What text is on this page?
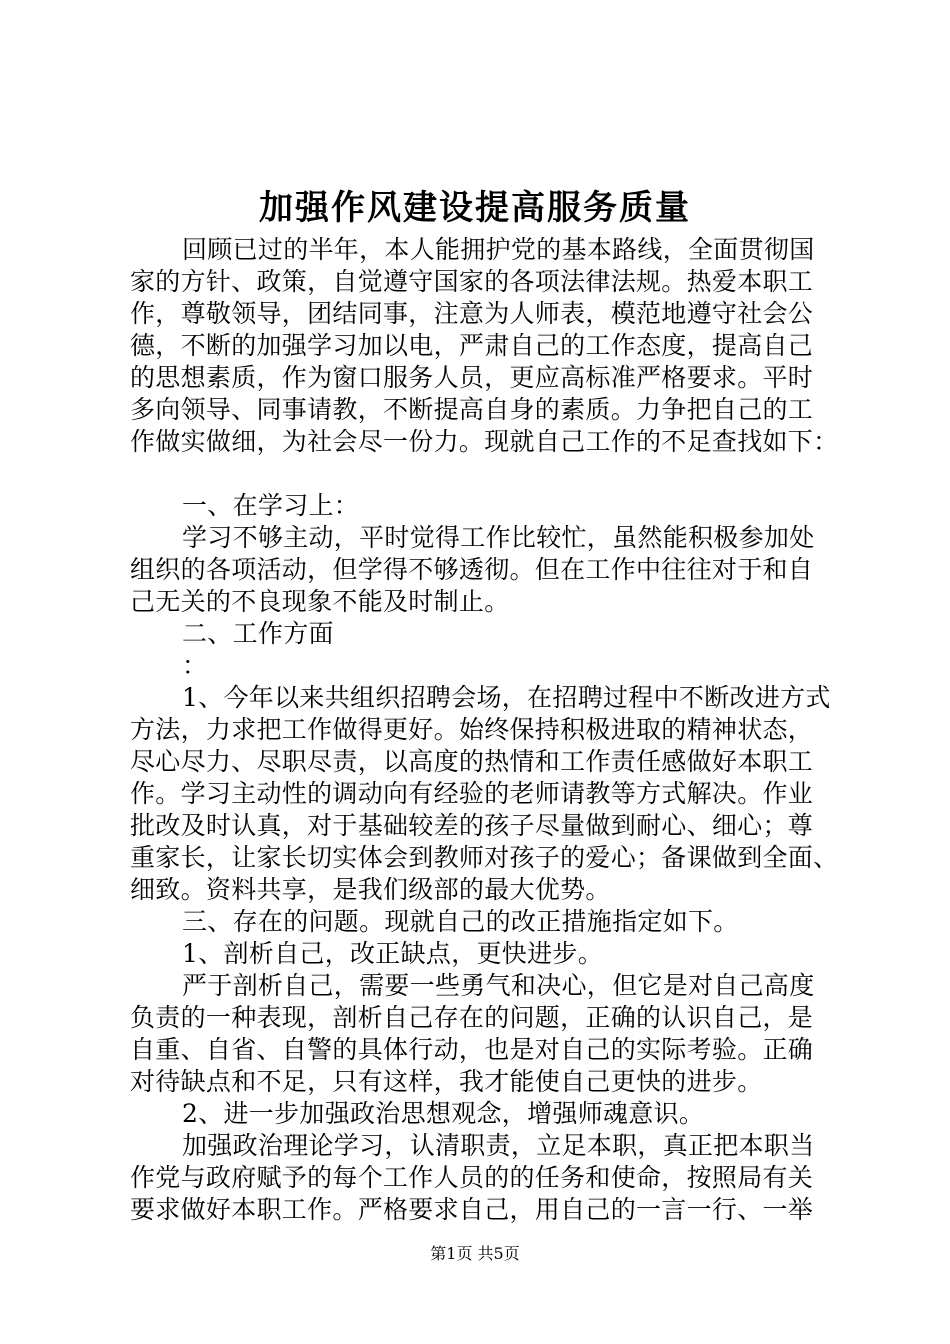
加强作风建设提高服务质量
回顾已过的半年，本人能拥护党的基本路线，全面贯彻国
家的方针、政策，自觉遵守国家的各项法律法规。热爱本职工
作，尊敬领导，团结同事，注意为人师表，模范地遵守社会公
德，不断的加强学习加以电，严肃自己的工作态度，提高自己
的思想素质，作为窗口服务人员，更应高标准严格要求。平时
多向领导、同事请教，不断提高自身的素质。力争把自己的工
作做实做细，为社会尽一份力。现就自己工作的不足查找如下：
一、在学习上：
学习不够主动，平时觉得工作比较忙，虽然能积极参加处
组织的各项活动，但学得不够透彻。但在工作中往往对于和自
己无关的不良现象不能及时制止。
二、工作方面
：
1、今年以来共组织招聘会场，在招聘过程中不断改进方式
方法，力求把工作做得更好。始终保持积极进取的精神状态，
尽心尽力、尽职尽责，以高度的热情和工作责任感做好本职工
作。学习主动性的调动向有经验的老师请教等方式解决。作业
批改及时认真，对于基础较差的孩子尽量做到耐心、细心；尊
重家长，让家长切实体会到教师对孩子的爱心；备课做到全面、
细致。资料共享，是我们级部的最大优势。
三、存在的问题。现就自己的改正措施指定如下。
1、剖析自己，改正缺点，更快进步。
严于剖析自己，需要一些勇气和决心，但它是对自己高度
负责的一种表现，剖析自己存在的问题，正确的认识自己，是
自重、自省、自警的具体行动，也是对自己的实际考验。正确
对待缺点和不足，只有这样，我才能使自己更快的进步。
2、进一步加强政治思想观念，增强师魂意识。
加强政治理论学习，认清职责，立足本职，真正把本职当
作党与政府赋予的每个工作人员的的任务和使命，按照局有关
要求做好本职工作。严格要求自己，用自己的一言一行、一举
第1页 共5页
